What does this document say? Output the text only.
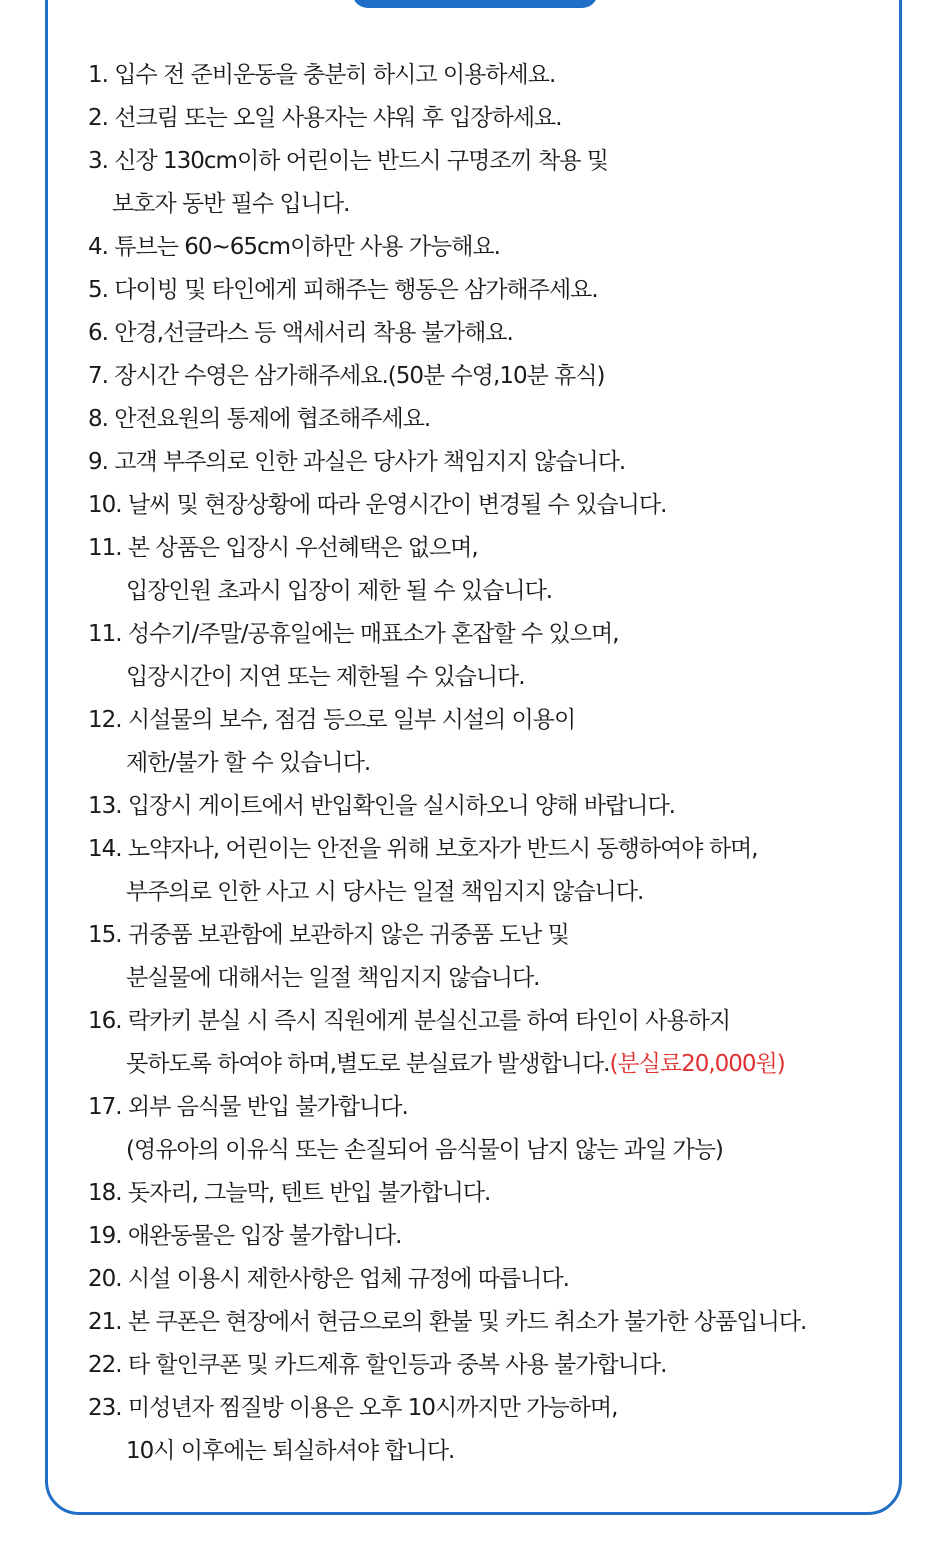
1. 입수 전 준비운동을 충분히 하시고 이용하세요.
2. 선크림 또는 오일 사용자는 샤워 후 입장하세요.
3. 신장 130cm이하 어린이는 반드시 구명조끼 착용 및
보호자 동반 필수 입니다.
4. 튜브는 60~65cm이하만 사용 가능해요.
5. 다이빙 및 타인에게 피해주는 행동은 삼가해주세요.
6. 안경,선글라스 등 액세서리 착용 불가해요.
7. 장시간 수영은 삼가해주세요.(50분 수영,10분 휴식)
8. 안전요원의 통제에 협조해주세요.
9. 고객 부주의로 인한 과실은 당사가 책임지지 않습니다.
10. 날씨 및 현장상황에 따라 운영시간이 변경될 수 있습니다.
11. 본 상품은 입장시 우선혜택은 없으며,
입장인원 초과시 입장이 제한 될 수 있습니다.
11. 성수기/주말/공휴일에는 매표소가 혼잡할 수 있으며,
입장시간이 지연 또는 제한될 수 있습니다.
12. 시설물의 보수, 점검 등으로 일부 시설의 이용이
제한/불가 할 수 있습니다.
13. 입장시 게이트에서 반입확인을 실시하오니 양해 바랍니다.
14. 노약자나, 어린이는 안전을 위해 보호자가 반드시 동행하여야 하며,
부주의로 인한 사고 시 당사는 일절 책임지지 않습니다.
15. 귀중품 보관함에 보관하지 않은 귀중품 도난 및
분실물에 대해서는 일절 책임지지 않습니다.
16. 락카키 분실 시 즉시 직원에게 분실신고를 하여 타인이 사용하지
못하도록 하여야 하며,별도로 분실료가 발생합니다.(분실료20,000원)
17. 외부 음식물 반입 불가합니다.
(영유아의 이유식 또는 손질되어 음식물이 남지 않는 과일 가능)
18. 돗자리, 그늘막, 텐트 반입 불가합니다.
19. 애완동물은 입장 불가합니다.
20. 시설 이용시 제한사항은 업체 규정에 따릅니다.
21. 본 쿠폰은 현장에서 현금으로의 환불 및 카드 취소가 불가한 상품입니다.
22. 타 할인쿠폰 및 카드제휴 할인등과 중복 사용 불가합니다.
23. 미성년자 찜질방 이용은 오후 10시까지만 가능하며,
10시 이후에는 퇴실하셔야 합니다.
